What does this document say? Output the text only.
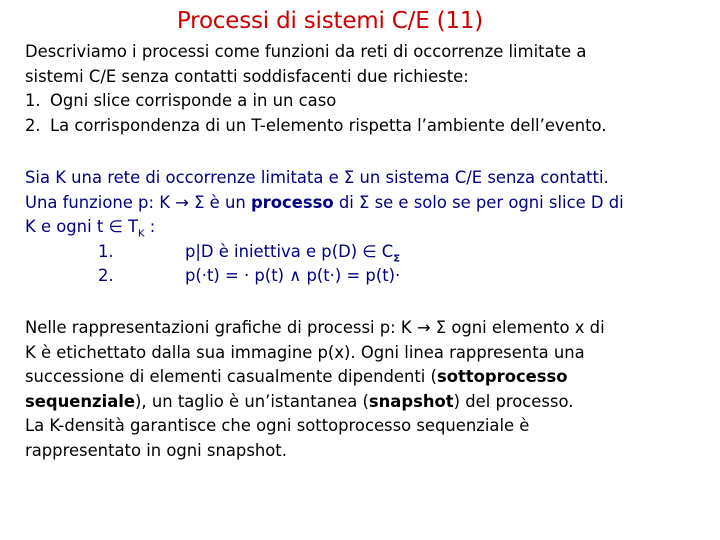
Processi di sistemi C/E (11)
Descriviamo i processi come funzioni da reti di occorrenze limitate a
sistemi C/E senza contatti soddisfacenti due richieste:
1. Ogni slice corrisponde a in un caso
2. La corrispondenza di un T-elemento rispetta l’ambiente dell’evento.
Sia K una rete di occorrenze limitata e Σ un sistema C/E senza contatti.
Una funzione p: K → Σ è un processo di Σ se e solo se per ogni slice D di
K e ogni t ∈ $T_K$ :
1.	p|D è iniettiva e p(D) ∈ $C_\Sigma$
2.	p(·t) = · p(t) ∧ p(t·) = p(t)·
Nelle rappresentazioni grafiche di processi p: K → Σ ogni elemento x di
K è etichettato dalla sua immagine p(x). Ogni linea rappresenta una
successione di elementi casualmente dipendenti (sottoprocesso
sequenziale), un taglio è un’istantanea (snapshot) del processo.
La K-densità garantisce che ogni sottoprocesso sequenziale è
rappresentato in ogni snapshot.
